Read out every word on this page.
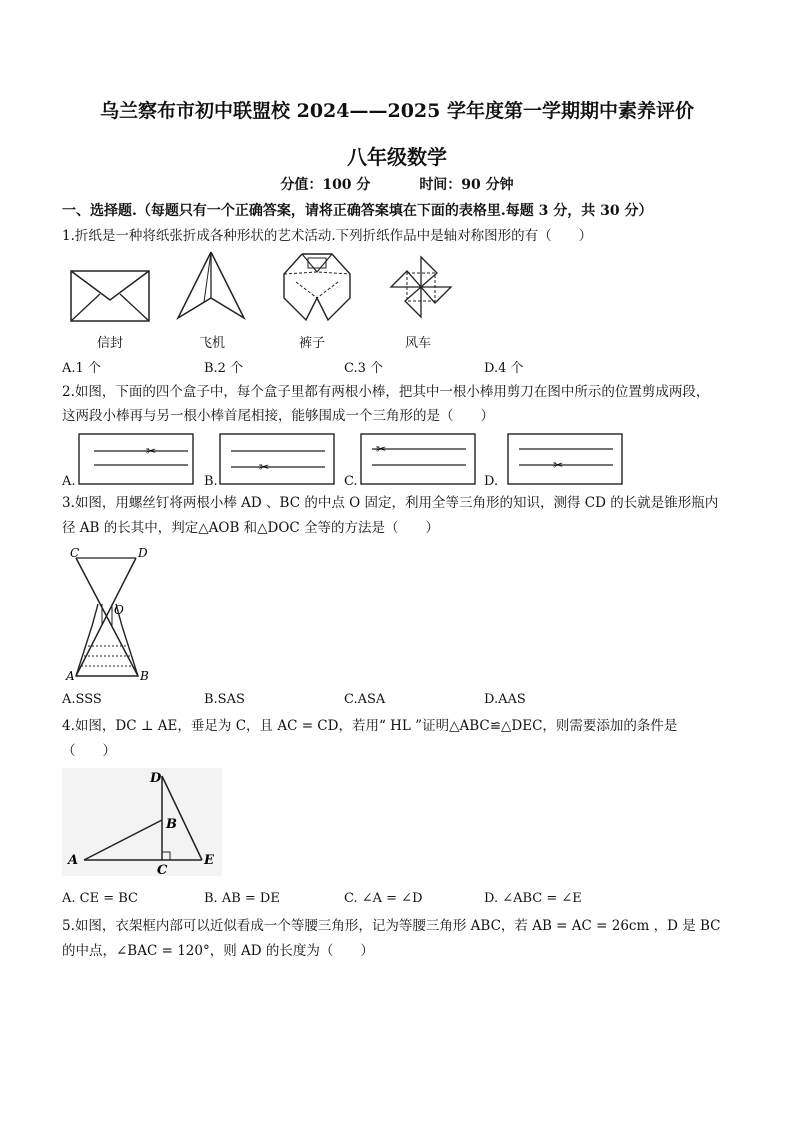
乌兰察布市初中联盟校 2024——2025 学年度第一学期期中素养评价
八年级数学
分值：100 分	时间：90 分钟
一、选择题.（每题只有一个正确答案，请将正确答案填在下面的表格里.每题 3 分，共 30 分）
1.折纸是一种将纸张折成各种形状的艺术活动.下列折纸作品中是轴对称图形的有（　　）
信封	飞机	裤子	风车
A.1 个	B.2 个	C.3 个	D.4 个
2.如图，下面的四个盒子中，每个盒子里都有两根小棒，把其中一根小棒用剪刀在图中所示的位置剪成两段，
这两段小棒再与另一根小棒首尾相接，能够围成一个三角形的是（　　）
A.
✂
B.
✂
C.
✂
D.
✂
3.如图，用螺丝钉将两根小棒 AD 、BC 的中点 O 固定，利用全等三角形的知识，测得 CD 的长就是锥形瓶内
径 AB 的长其中，判定△AOB 和△DOC 全等的方法是（　　）
C	D
O
A	B
A.SSS	B.SAS	C.ASA	D.AAS
4.如图，DC ⊥ AE，垂足为 C，且 AC = CD，若用“ HL ”证明△ABC≌△DEC，则需要添加的条件是
（　　）
D
B
A
C
E
A. CE = BC	B. AB = DE	C. ∠A = ∠D	D. ∠ABC = ∠E
5.如图，衣架框内部可以近似看成一个等腰三角形，记为等腰三角形 ABC，若 AB = AC = 26cm ，D 是 BC
的中点，∠BAC = 120°，则 AD 的长度为（　　）
